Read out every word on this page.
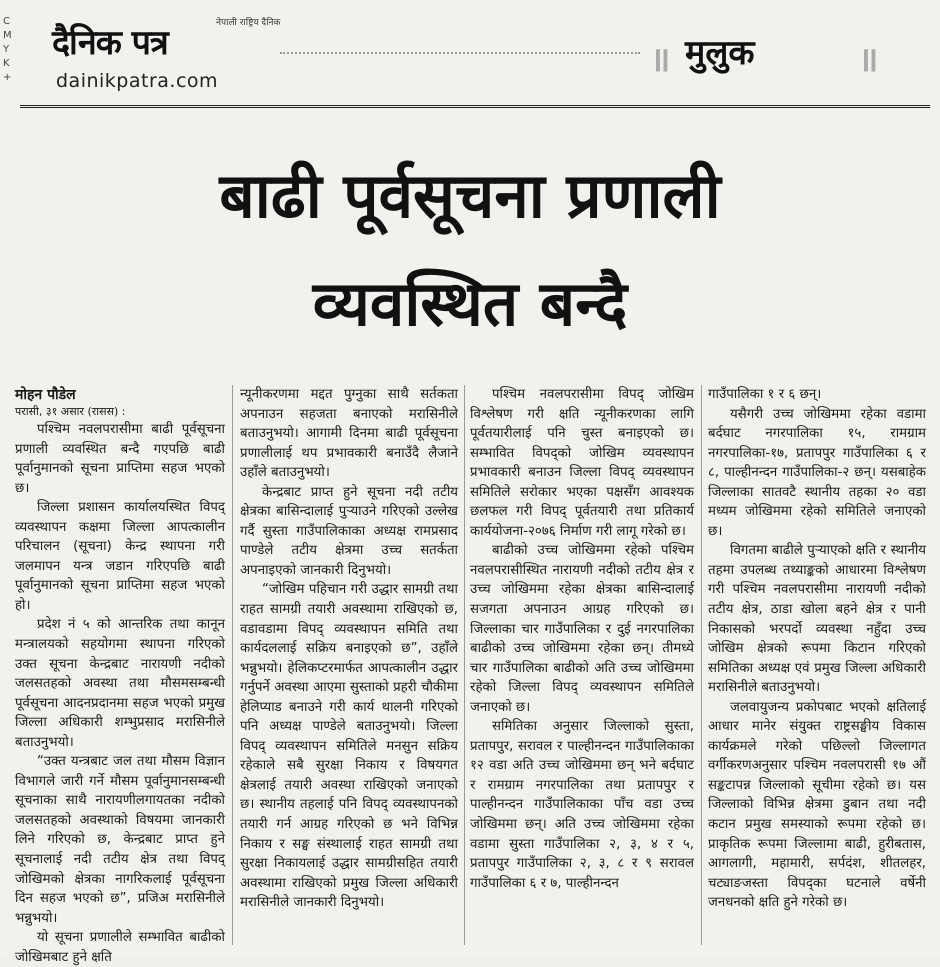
C M Y K +
दैनिक पत्र	नेपाली राष्ट्रिय दैनिक
dainikpatra.com
॥ मुलुक	॥
बाढी पूर्वसूचना प्रणाली
व्यवस्थित बन्दै
मोहन पौडेल
परासी, ३१ असार (रासस) :

पश्चिम नवलपरासीमा बाढी पूर्वसूचना प्रणाली व्यवस्थित बन्दै गएपछि बाढी पूर्वानुमानको सूचना प्राप्तिमा सहज भएको छ।

जिल्ला प्रशासन कार्यालयस्थित विपद् व्यवस्थापन कक्षमा जिल्ला आपत्कालीन परिचालन (सूचना) केन्द्र स्थापना गरी जलमापन यन्त्र जडान गरिएपछि बाढी पूर्वानुमानको सूचना प्राप्तिमा सहज भएको हो।

प्रदेश नं ५ को आन्तरिक तथा कानून मन्त्रालयको सहयोगमा स्थापना गरिएको उक्त सूचना केन्द्रबाट नारायणी नदीको जलसतहको अवस्था तथा मौसमसम्बन्धी पूर्वसूचना आदनप्रदानमा सहज भएको प्रमुख जिल्ला अधिकारी शम्भुप्रसाद मरासिनीले बताउनुभयो।

“उक्त यन्त्रबाट जल तथा मौसम विज्ञान विभागले जारी गर्ने मौसम पूर्वानुमानसम्बन्धी सूचनाका साथै नारायणीलगायतका नदीको जलसतहको अवस्थाको विषयमा जानकारी लिने गरिएको छ, केन्द्रबाट प्राप्त हुने सूचनालाई नदी तटीय क्षेत्र तथा विपद् जोखिमको क्षेत्रका नागरिकलाई पूर्वसूचना दिन सहज भएको छ”, प्रजिअ मरासिनीले भन्नुभयो।

यो सूचना प्रणालीले सम्भावित बाढीको जोखिमबाट हुने क्षति

न्यूनीकरणमा मद्दत पुग्नुका साथै सर्तकता अपनाउन सहजता बनाएको मरासिनीले बताउनुभयो। आगामी दिनमा बाढी पूर्वसूचना प्रणालीलाई थप प्रभावकारी बनाउँदै लैजाने उहाँले बताउनुभयो।

केन्द्रबाट प्राप्त हुने सूचना नदी तटीय क्षेत्रका बासिन्दालाई पुऱ्याउने गरिएको उल्लेख गर्दै सुस्ता गाउँपालिकाका अध्यक्ष रामप्रसाद पाण्डेले तटीय क्षेत्रमा उच्च सतर्कता अपनाइएको जानकारी दिनुभयो।

“जोखिम पहिचान गरी उद्धार सामग्री तथा राहत सामग्री तयारी अवस्थामा राखिएको छ, वडावडामा विपद् व्यवस्थापन समिति तथा कार्यदललाई सक्रिय बनाइएको छ”, उहाँले भन्नुभयो। हेलिकप्टरमार्फत आपत्कालीन उद्धार गर्नुपर्ने अवस्था आएमा सुस्ताको प्रहरी चौकीमा हेलिप्याड बनाउने गरी कार्य थालनी गरिएको पनि अध्यक्ष पाण्डेले बताउनुभयो। जिल्ला विपद् व्यवस्थापन समितिले मनसुन सक्रिय रहेकाले सबै सुरक्षा निकाय र विषयगत क्षेत्रलाई तयारी अवस्था राखिएको जनाएको छ। स्थानीय तहलाई पनि विपद् व्यवस्थापनको तयारी गर्न आग्रह गरिएको छ भने विभिन्न निकाय र सङ्घ संस्थालाई राहत सामग्री तथा सुरक्षा निकायलाई उद्धार सामग्रीसहित तयारी अवस्थामा राखिएको प्रमुख जिल्ला अधिकारी मरासिनीले जानकारी दिनुभयो।

पश्चिम नवलपरासीमा विपद् जोखिम विश्लेषण गरी क्षति न्यूनीकरणका लागि पूर्वतयारीलाई पनि चुस्त बनाइएको छ। सम्भावित विपद्को जोखिम व्यवस्थापन प्रभावकारी बनाउन जिल्ला विपद् व्यवस्थापन समितिले सरोकार भएका पक्षसँग आवश्यक छलफल गरी विपद् पूर्वतयारी तथा प्रतिकार्य कार्ययोजना-२०७६ निर्माण गरी लागू गरेको छ।

बाढीको उच्च जोखिममा रहेको पश्चिम नवलपरासीस्थित नारायणी नदीको तटीय क्षेत्र र उच्च जोखिममा रहेका क्षेत्रका बासिन्दालाई सजगता अपनाउन आग्रह गरिएको छ। जिल्लाका चार गाउँपालिका र दुई नगरपालिका बाढीको उच्च जोखिममा रहेका छन्। तीमध्ये चार गाउँपालिका बाढीको अति उच्च जोखिममा रहेको जिल्ला विपद् व्यवस्थापन समितिले जनाएको छ।

समितिका अनुसार जिल्लाको सुस्ता, प्रतापपुर, सरावल र पाल्हीनन्दन गाउँपालिकाका १२ वडा अति उच्च जोखिममा छन् भने बर्दघाट र रामग्राम नगरपालिका तथा प्रतापपुर र पाल्हीनन्दन गाउँपालिकाका पाँच वडा उच्च जोखिममा छन्। अति उच्च जोखिममा रहेका वडामा सुस्ता गाउँपालिका २, ३, ४ र ५, प्रतापपुर गाउँपालिका २, ३, ८ र ९ सरावल गाउँपालिका ६ र ७, पाल्हीनन्दन

गाउँपालिका १ र ६ छन्।

यसैगरी उच्च जोखिममा रहेका वडामा बर्दघाट नगरपालिका १५, रामग्राम नगरपालिका-१७, प्रतापपुर गाउँपालिका ६ र ८, पाल्हीनन्दन गाउँपालिका-२ छन्। यसबाहेक जिल्लाका सातवटै स्थानीय तहका २० वडा मध्यम जोखिममा रहेको समितिले जनाएको छ।

विगतमा बाढीले पुऱ्याएको क्षति र स्थानीय तहमा उपलब्ध तथ्याङ्कको आधारमा विश्लेषण गरी पश्चिम नवलपरासीमा नारायणी नदीको तटीय क्षेत्र, ठाडा खोला बहने क्षेत्र र पानी निकासको भरपर्दो व्यवस्था नहुँदा उच्च जोखिम क्षेत्रको रूपमा किटान गरिएको समितिका अध्यक्ष एवं प्रमुख जिल्ला अधिकारी मरासिनीले बताउनुभयो।

जलवायुजन्य प्रकोपबाट भएको क्षतिलाई आधार मानेर संयुक्त राष्ट्रसङ्घीय विकास कार्यक्रमले गरेको पछिल्लो जिल्लागत वर्गीकरणअनुसार पश्चिम नवलपरासी १७ औं सङ्कटापन्न जिल्लाको सूचीमा रहेको छ। यस जिल्लाको विभिन्न क्षेत्रमा डुबान तथा नदी कटान प्रमुख समस्याको रूपमा रहेको छ। प्राकृतिक रूपमा जिल्लामा बाढी, हुरीबतास, आगलागी, महामारी, सर्पदंश, शीतलहर, चट्याङजस्ता विपद्का घटनाले वर्षेनी जनधनको क्षति हुने गरेको छ।
